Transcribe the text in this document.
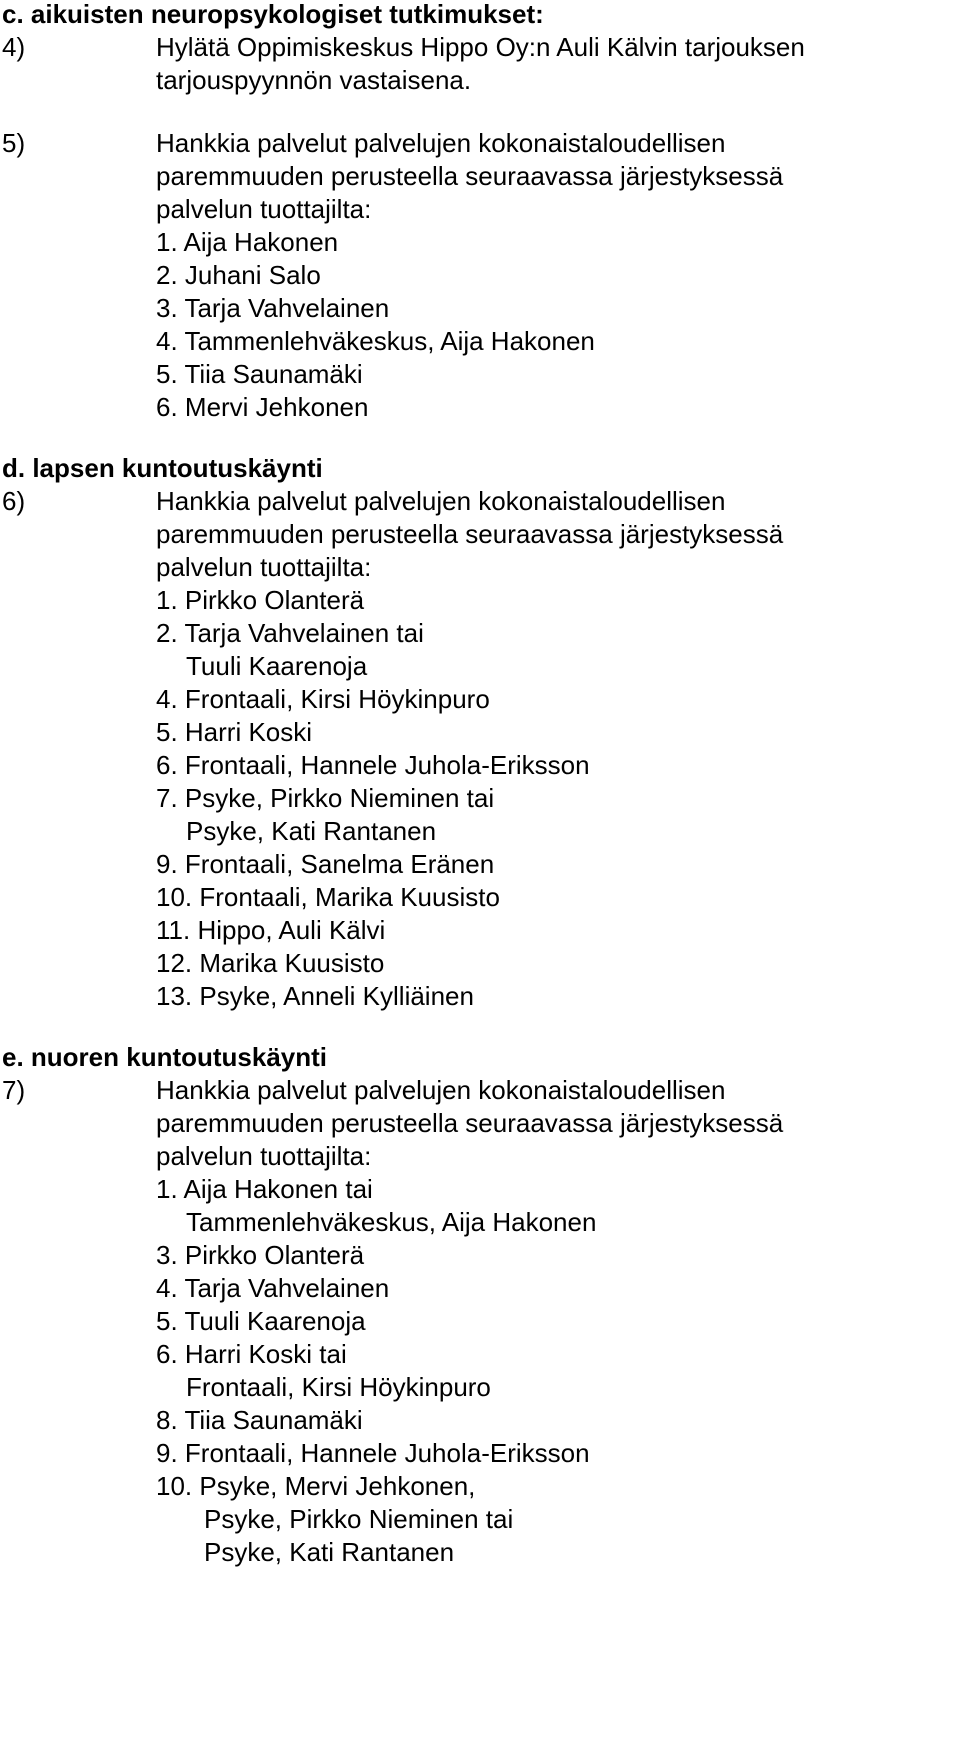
c. aikuisten neuropsykologiset tutkimukset:
4)	Hylätä Oppimiskeskus Hippo Oy:n Auli Kälvin tarjouksen
tarjouspyynnön vastaisena.
5)	Hankkia palvelut palvelujen kokonaistaloudellisen
paremmuuden perusteella seuraavassa järjestyksessä
palvelun tuottajilta:
1. Aija Hakonen
2. Juhani Salo
3. Tarja Vahvelainen
4. Tammenlehväkeskus, Aija Hakonen
5. Tiia Saunamäki
6. Mervi Jehkonen
d. lapsen kuntoutuskäynti
6)	Hankkia palvelut palvelujen kokonaistaloudellisen
paremmuuden perusteella seuraavassa järjestyksessä
palvelun tuottajilta:
1. Pirkko Olanterä
2. Tarja Vahvelainen tai
Tuuli Kaarenoja
4. Frontaali, Kirsi Höykinpuro
5. Harri Koski
6. Frontaali, Hannele Juhola-Eriksson
7. Psyke, Pirkko Nieminen tai
Psyke, Kati Rantanen
9. Frontaali, Sanelma Eränen
10. Frontaali, Marika Kuusisto
11. Hippo, Auli Kälvi
12. Marika Kuusisto
13. Psyke, Anneli Kylliäinen
e. nuoren kuntoutuskäynti
7)	Hankkia palvelut palvelujen kokonaistaloudellisen
paremmuuden perusteella seuraavassa järjestyksessä
palvelun tuottajilta:
1. Aija Hakonen tai
Tammenlehväkeskus, Aija Hakonen
3. Pirkko Olanterä
4. Tarja Vahvelainen
5. Tuuli Kaarenoja
6. Harri Koski tai
Frontaali, Kirsi Höykinpuro
8. Tiia Saunamäki
9. Frontaali, Hannele Juhola-Eriksson
10. Psyke, Mervi Jehkonen,
Psyke, Pirkko Nieminen tai
Psyke, Kati Rantanen
